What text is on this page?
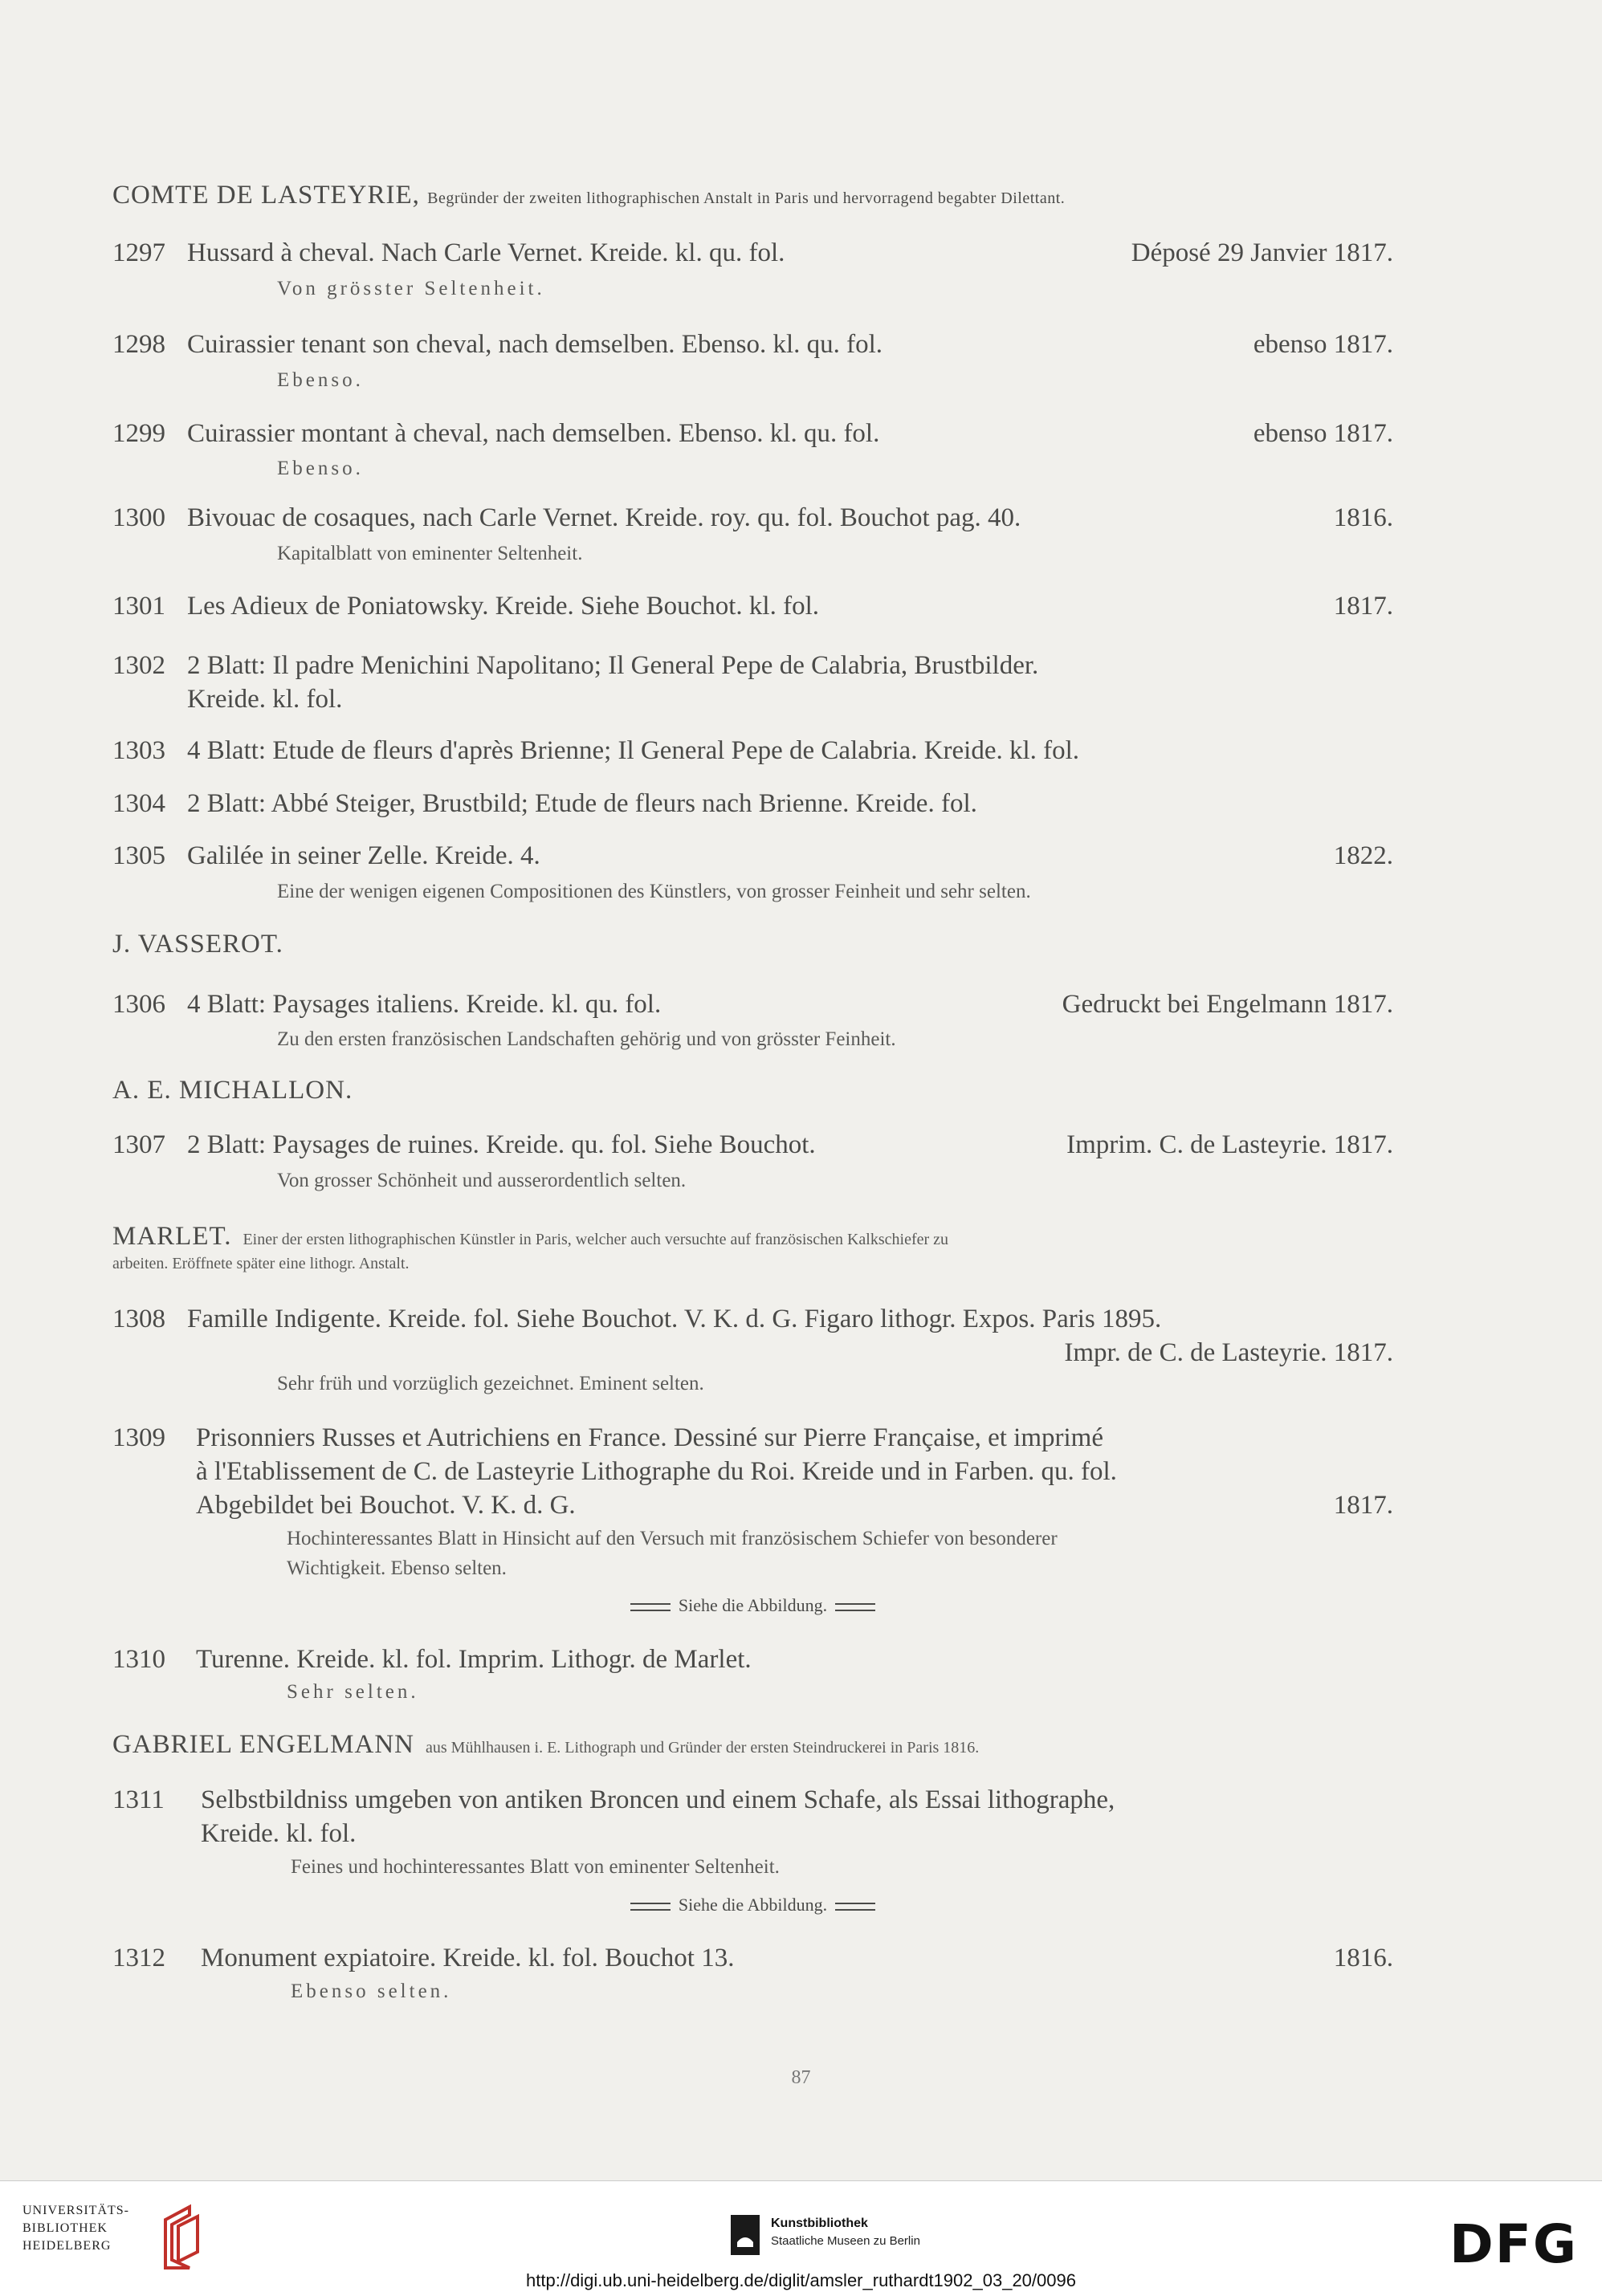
COMTE DE LASTEYRIE, Begründer der zweiten lithographischen Anstalt in Paris und hervorragend begabter Dilettant.
1297 Hussard à cheval. Nach Carle Vernet. Kreide. kl. qu. fol.	Déposé 29 Janvier 1817.
Von grösster Seltenheit.
1298 Cuirassier tenant son cheval, nach demselben. Ebenso. kl. qu. fol.	ebenso 1817.
Ebenso.
1299 Cuirassier montant à cheval, nach demselben. Ebenso. kl. qu. fol.	ebenso 1817.
Ebenso.
1300 Bivouac de cosaques, nach Carle Vernet. Kreide. roy. qu. fol. Bouchot pag. 40.	1816.
Kapitalblatt von eminenter Seltenheit.
1301 Les Adieux de Poniatowsky. Kreide. Siehe Bouchot. kl. fol.	1817.
1302 2 Blatt: Il padre Menichini Napolitano; Il General Pepe de Calabria, Brustbilder.
Kreide. kl. fol.
1303 4 Blatt: Etude de fleurs d'après Brienne; Il General Pepe de Calabria. Kreide. kl. fol.
1304 2 Blatt: Abbé Steiger, Brustbild; Etude de fleurs nach Brienne. Kreide. fol.
1305 Galilée in seiner Zelle. Kreide. 4.	1822.
Eine der wenigen eigenen Compositionen des Künstlers, von grosser Feinheit und sehr selten.
J. VASSEROT.
1306 4 Blatt: Paysages italiens. Kreide. kl. qu. fol.	Gedruckt bei Engelmann 1817.
Zu den ersten französischen Landschaften gehörig und von grösster Feinheit.
A. E. MICHALLON.
1307 2 Blatt: Paysages de ruines. Kreide. qu. fol. Siehe Bouchot.	Imprim. C. de Lasteyrie. 1817.
Von grosser Schönheit und ausserordentlich selten.
MARLET. Einer der ersten lithographischen Künstler in Paris, welcher auch versuchte auf französischen Kalkschiefer zu
arbeiten. Eröffnete später eine lithogr. Anstalt.
1308 Famille Indigente. Kreide. fol. Siehe Bouchot. V. K. d. G. Figaro lithogr. Expos. Paris 1895.
Impr. de C. de Lasteyrie. 1817.
Sehr früh und vorzüglich gezeichnet. Eminent selten.
1309 Prisonniers Russes et Autrichiens en France. Dessiné sur Pierre Française, et imprimé
à l'Etablissement de C. de Lasteyrie Lithographe du Roi. Kreide und in Farben. qu. fol.
Abgebildet bei Bouchot. V. K. d. G.	1817.
Hochinteressantes Blatt in Hinsicht auf den Versuch mit französischem Schiefer von besonderer
Wichtigkeit. Ebenso selten.
Siehe die Abbildung.
1310 Turenne. Kreide. kl. fol. Imprim. Lithogr. de Marlet.
Sehr selten.
GABRIEL ENGELMANN aus Mühlhausen i. E. Lithograph und Gründer der ersten Steindruckerei in Paris 1816.
1311 Selbstbildniss umgeben von antiken Broncen und einem Schafe, als Essai lithographe,
Kreide. kl. fol.
Feines und hochinteressantes Blatt von eminenter Seltenheit.
Siehe die Abbildung.
1312 Monument expiatoire. Kreide. kl. fol. Bouchot 13.	1816.
Ebenso selten.
87
UNIVERSITÄTS-
BIBLIOTHEK
HEIDELBERG
Kunstbibliothek
Staatliche Museen zu Berlin	DFG
http://digi.ub.uni-heidelberg.de/diglit/amsler_ruthardt1902_03_20/0096
